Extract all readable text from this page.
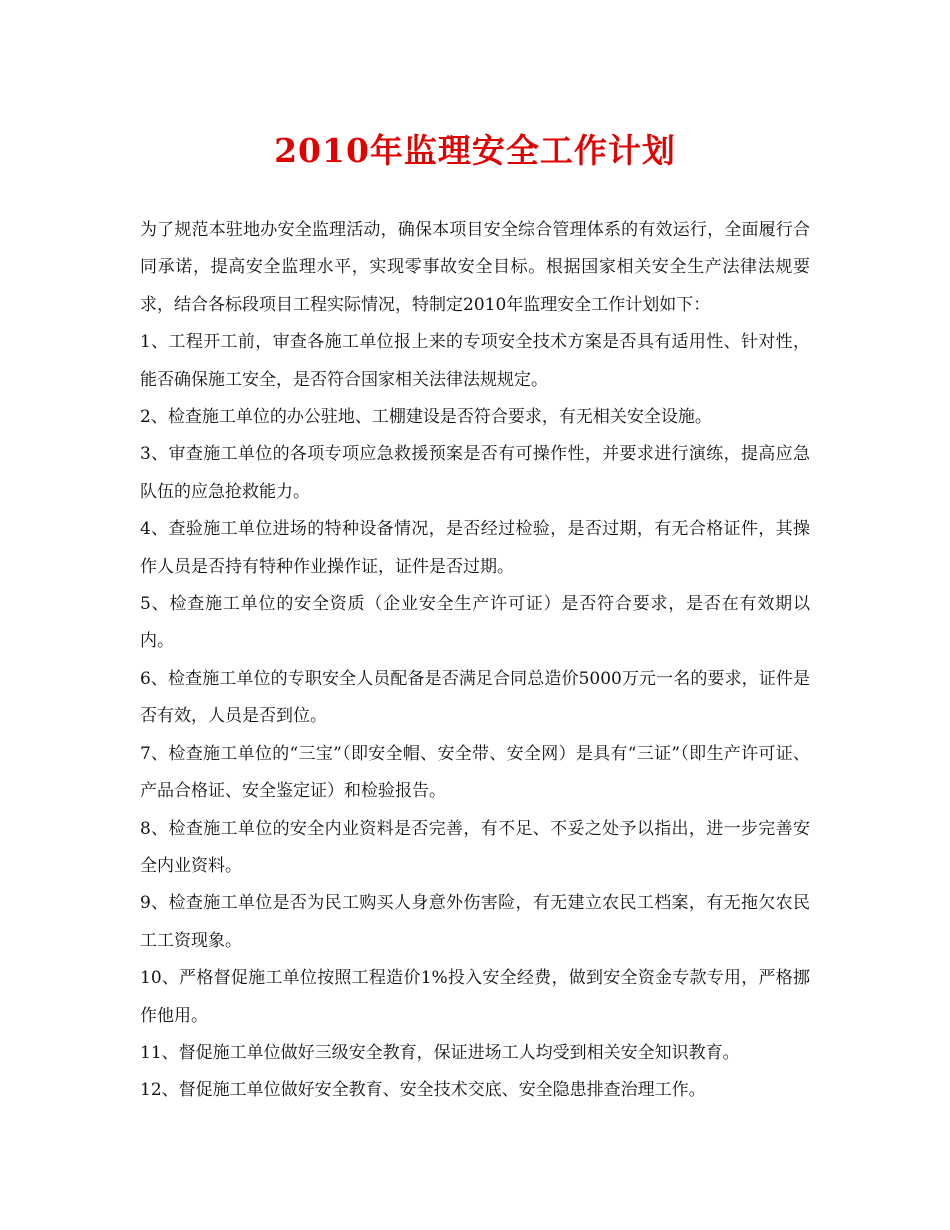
2010年监理安全工作计划

为了规范本驻地办安全监理活动，确保本项目安全综合管理体系的有效运行，全面履行合同承诺，提高安全监理水平，实现零事故安全目标。根据国家相关安全生产法律法规要求，结合各标段项目工程实际情况，特制定2010年监理安全工作计划如下：

1、工程开工前，审查各施工单位报上来的专项安全技术方案是否具有适用性、针对性，能否确保施工安全，是否符合国家相关法律法规规定。

2、检查施工单位的办公驻地、工棚建设是否符合要求，有无相关安全设施。

3、审查施工单位的各项专项应急救援预案是否有可操作性，并要求进行演练，提高应急队伍的应急抢救能力。

4、查验施工单位进场的特种设备情况，是否经过检验，是否过期，有无合格证件，其操作人员是否持有特种作业操作证，证件是否过期。

5、检查施工单位的安全资质（企业安全生产许可证）是否符合要求，是否在有效期以内。

6、检查施工单位的专职安全人员配备是否满足合同总造价5000万元一名的要求，证件是否有效，人员是否到位。

7、检查施工单位的“三宝”（即安全帽、安全带、安全网）是具有“三证”（即生产许可证、产品合格证、安全鉴定证）和检验报告。

8、检查施工单位的安全内业资料是否完善，有不足、不妥之处予以指出，进一步完善安全内业资料。

9、检查施工单位是否为民工购买人身意外伤害险，有无建立农民工档案，有无拖欠农民工工资现象。

10、严格督促施工单位按照工程造价1%投入安全经费，做到安全资金专款专用，严格挪作他用。

11、督促施工单位做好三级安全教育，保证进场工人均受到相关安全知识教育。

12、督促施工单位做好安全教育、安全技术交底、安全隐患排查治理工作。
